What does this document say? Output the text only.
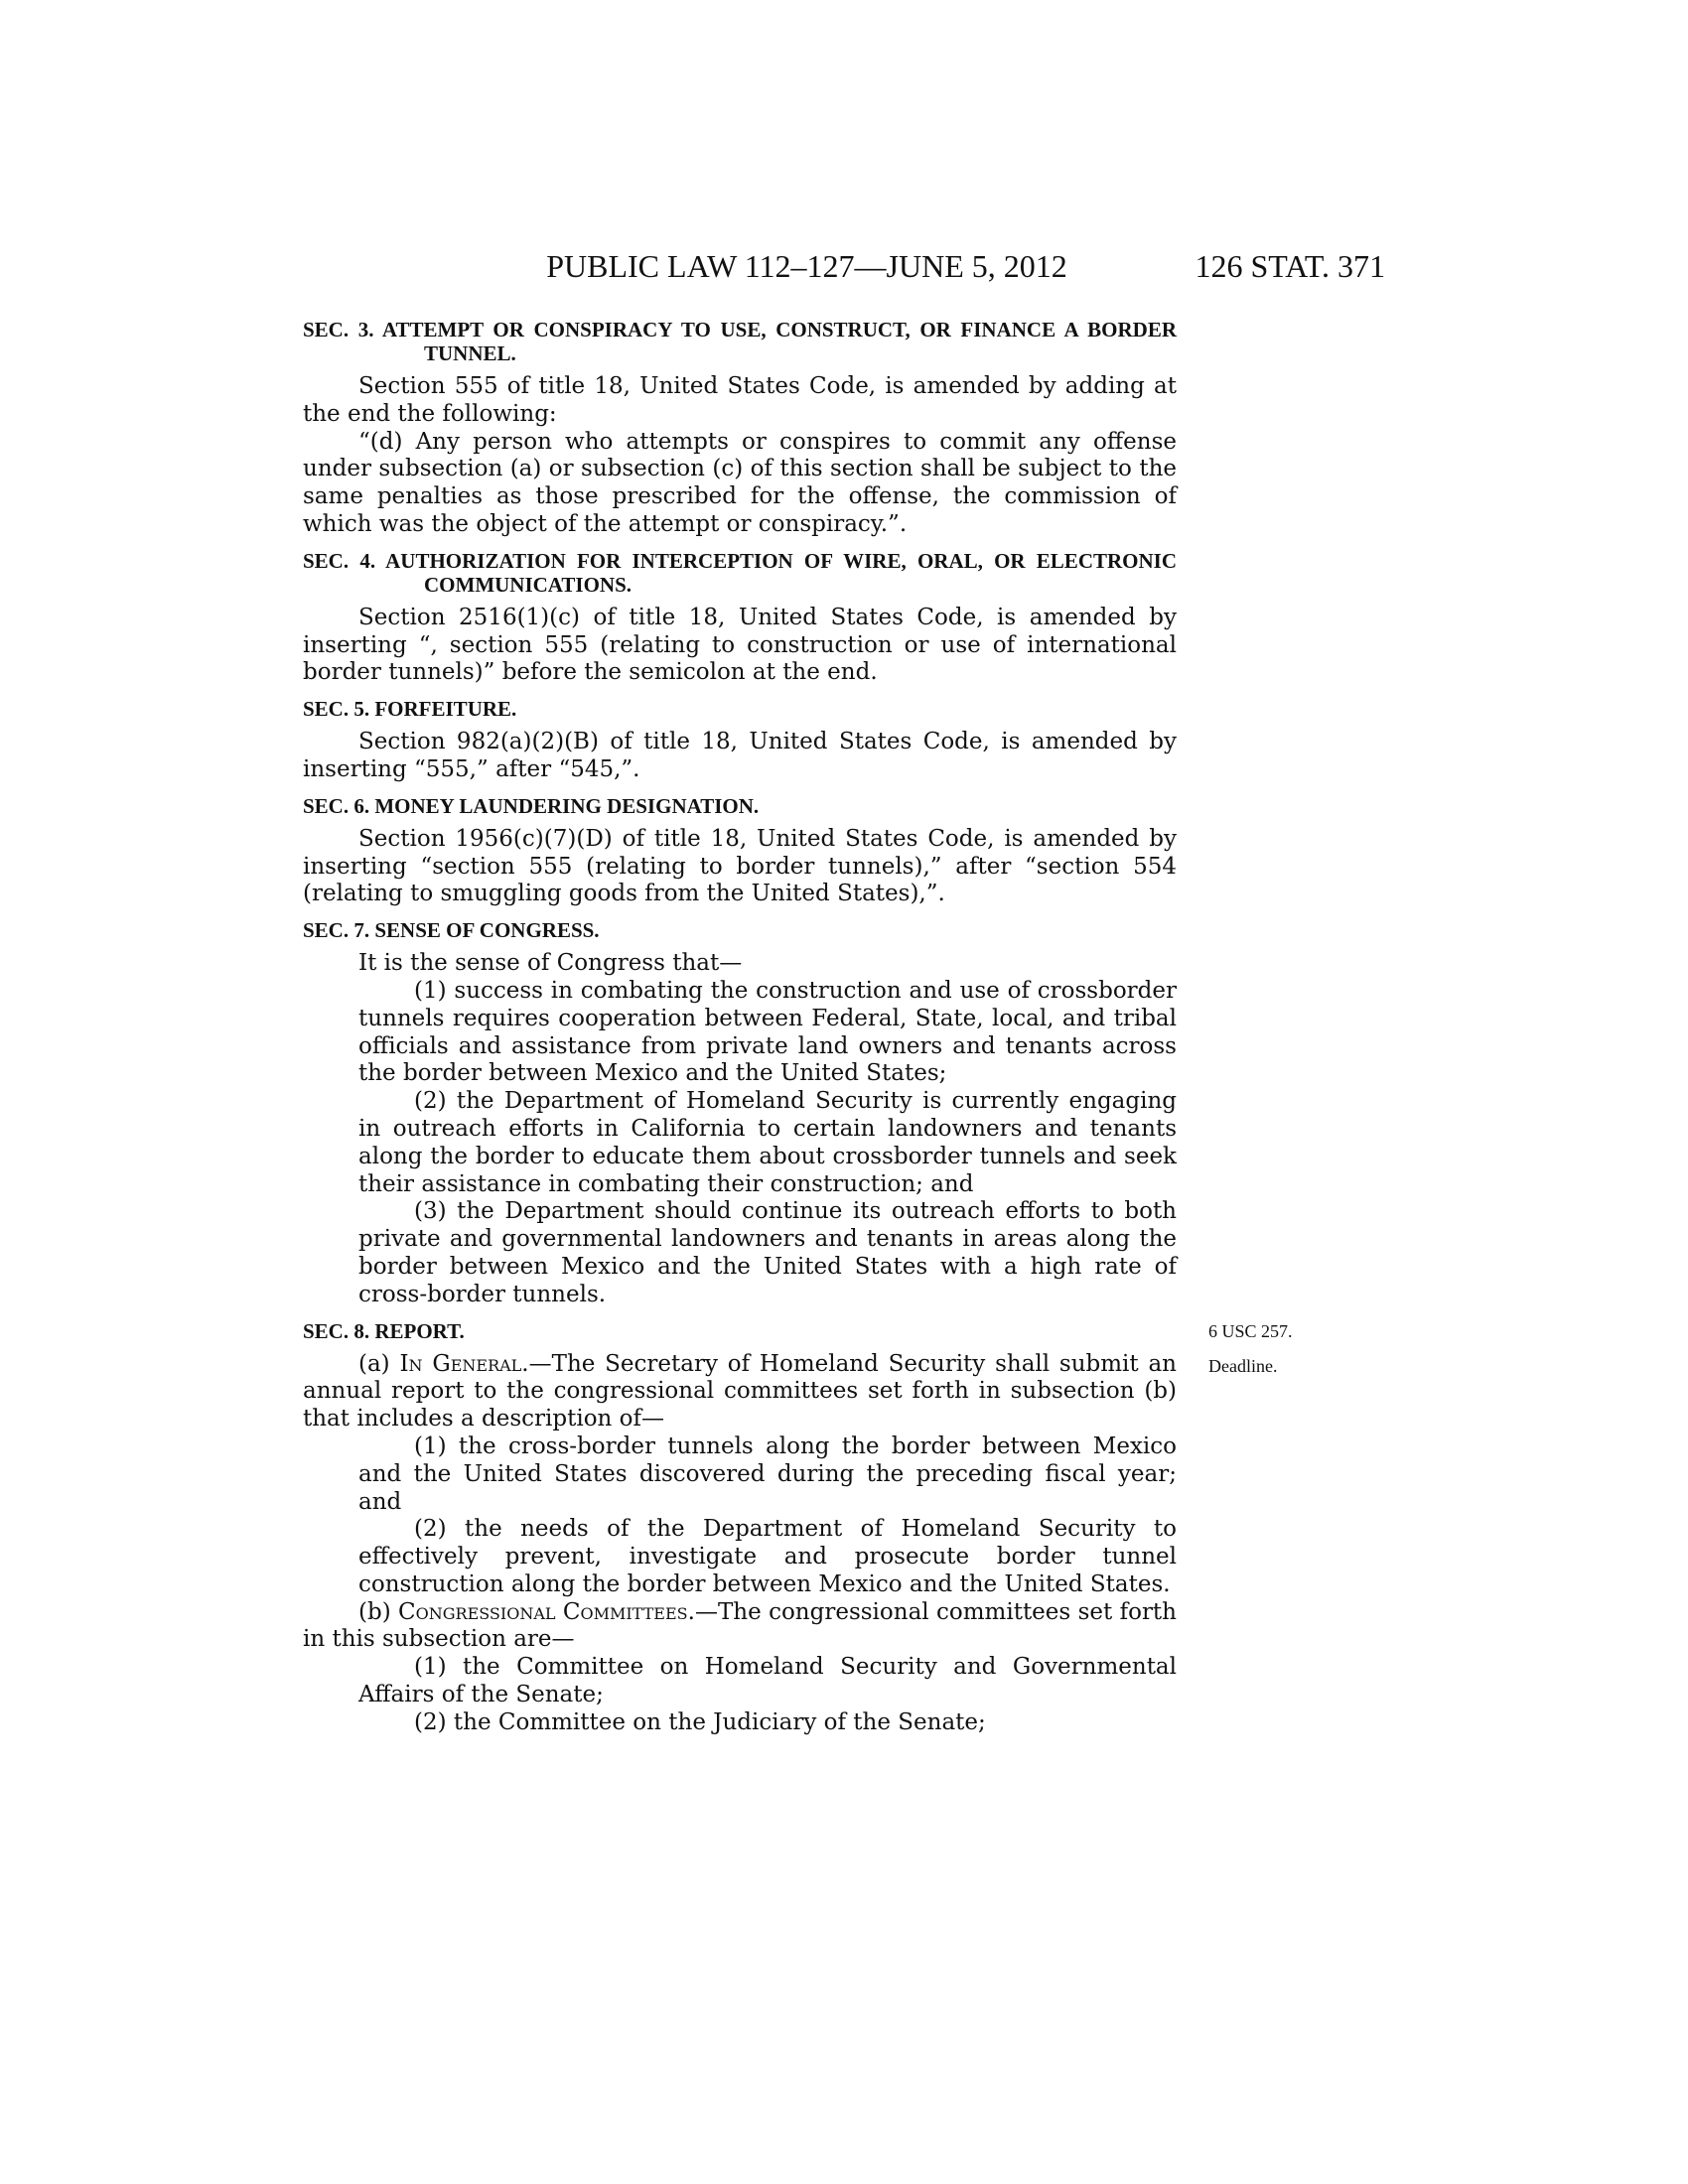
PUBLIC LAW 112–127—JUNE 5, 2012	126 STAT. 371

SEC. 3. ATTEMPT OR CONSPIRACY TO USE, CONSTRUCT, OR FINANCE A BORDER TUNNEL.

Section 555 of title 18, United States Code, is amended by adding at the end the following:

“(d) Any person who attempts or conspires to commit any offense under subsection (a) or subsection (c) of this section shall be subject to the same penalties as those prescribed for the offense, the commission of which was the object of the attempt or conspiracy.”.

SEC. 4. AUTHORIZATION FOR INTERCEPTION OF WIRE, ORAL, OR ELECTRONIC COMMUNICATIONS.

Section 2516(1)(c) of title 18, United States Code, is amended by inserting “, section 555 (relating to construction or use of international border tunnels)” before the semicolon at the end.

SEC. 5. FORFEITURE.

Section 982(a)(2)(B) of title 18, United States Code, is amended by inserting “555,” after “545,”.

SEC. 6. MONEY LAUNDERING DESIGNATION.

Section 1956(c)(7)(D) of title 18, United States Code, is amended by inserting “section 555 (relating to border tunnels),” after “section 554 (relating to smuggling goods from the United States),”.

SEC. 7. SENSE OF CONGRESS.

It is the sense of Congress that—

(1) success in combating the construction and use of crossborder tunnels requires cooperation between Federal, State, local, and tribal officials and assistance from private land owners and tenants across the border between Mexico and the United States;

(2) the Department of Homeland Security is currently engaging in outreach efforts in California to certain landowners and tenants along the border to educate them about crossborder tunnels and seek their assistance in combating their construction; and

(3) the Department should continue its outreach efforts to both private and governmental landowners and tenants in areas along the border between Mexico and the United States with a high rate of cross-border tunnels.

SEC. 8. REPORT.

(a) In General.—The Secretary of Homeland Security shall submit an annual report to the congressional committees set forth in subsection (b) that includes a description of—

(1) the cross-border tunnels along the border between Mexico and the United States discovered during the preceding fiscal year; and

(2) the needs of the Department of Homeland Security to effectively prevent, investigate and prosecute border tunnel construction along the border between Mexico and the United States.

(b) Congressional Committees.—The congressional committees set forth in this subsection are—

(1) the Committee on Homeland Security and Governmental Affairs of the Senate;

(2) the Committee on the Judiciary of the Senate;

6 USC 257.
Deadline.
